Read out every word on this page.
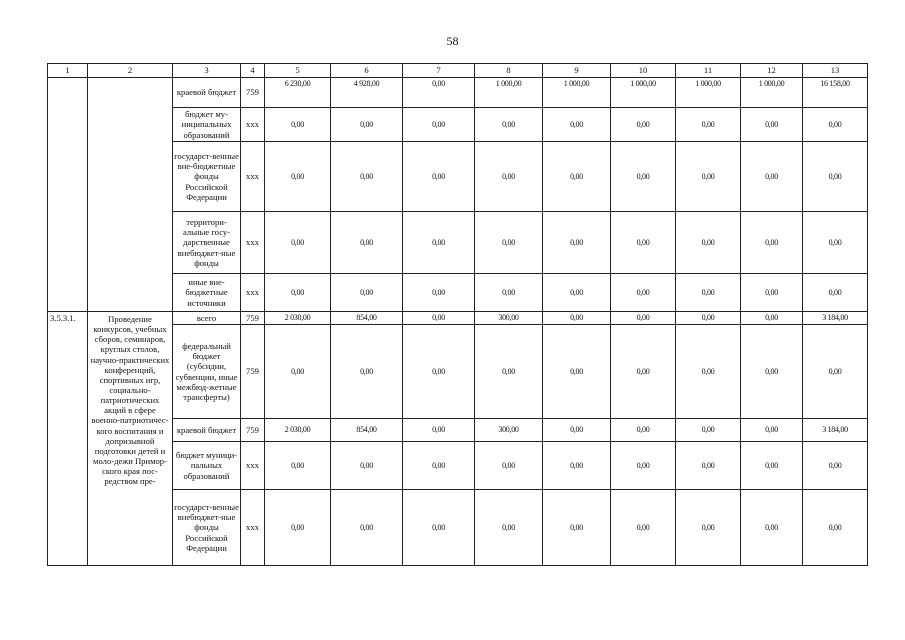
58
1	2	3	4	5	6	7	8	9	10	11	12	13
		краевой бюджет	759	6 230,00	4 928,00	0,00	1 000,00	1 000,00	1 000,00	1 000,00	1 000,00	16 158,00
		бюджет му-ниципальных образований	ххх	0,00	0,00	0,00	0,00	0,00	0,00	0,00	0,00	0,00
		государст-венные вне-бюджетные фонды Российской Федерации	ххх	0,00	0,00	0,00	0,00	0,00	0,00	0,00	0,00	0,00
		территори-альные госу-дарственные внебюджет-ные фонды	ххх	0,00	0,00	0,00	0,00	0,00	0,00	0,00	0,00	0,00
		иные вне-бюджетные источники	ххх	0,00	0,00	0,00	0,00	0,00	0,00	0,00	0,00	0,00
3.5.3.1.	Проведение конкурсов, учебных сборов, семинаров, круглых столов, научно-практических конференций, спортивных игр, социально-патриотических акций в сфере военно-патриотичес-кого воспитания и допризывной подготовки детей и моло-дежи Примор-ского края пос-редством пре-	всего	759	2 030,00	854,00	0,00	300,00	0,00	0,00	0,00	0,00	3 184,00
		федеральный бюджет (субсидии, субвенции, иные межбюд-жетные трансферты)	759	0,00	0,00	0,00	0,00	0,00	0,00	0,00	0,00	0,00
		краевой бюджет	759	2 030,00	854,00	0,00	300,00	0,00	0,00	0,00	0,00	3 184,00
		бюджет муници-пальных образований	ххх	0,00	0,00	0,00	0,00	0,00	0,00	0,00	0,00	0,00
		государст-венные внебюджет-ные фонды Российской Федерации	ххх	0,00	0,00	0,00	0,00	0,00	0,00	0,00	0,00	0,00
